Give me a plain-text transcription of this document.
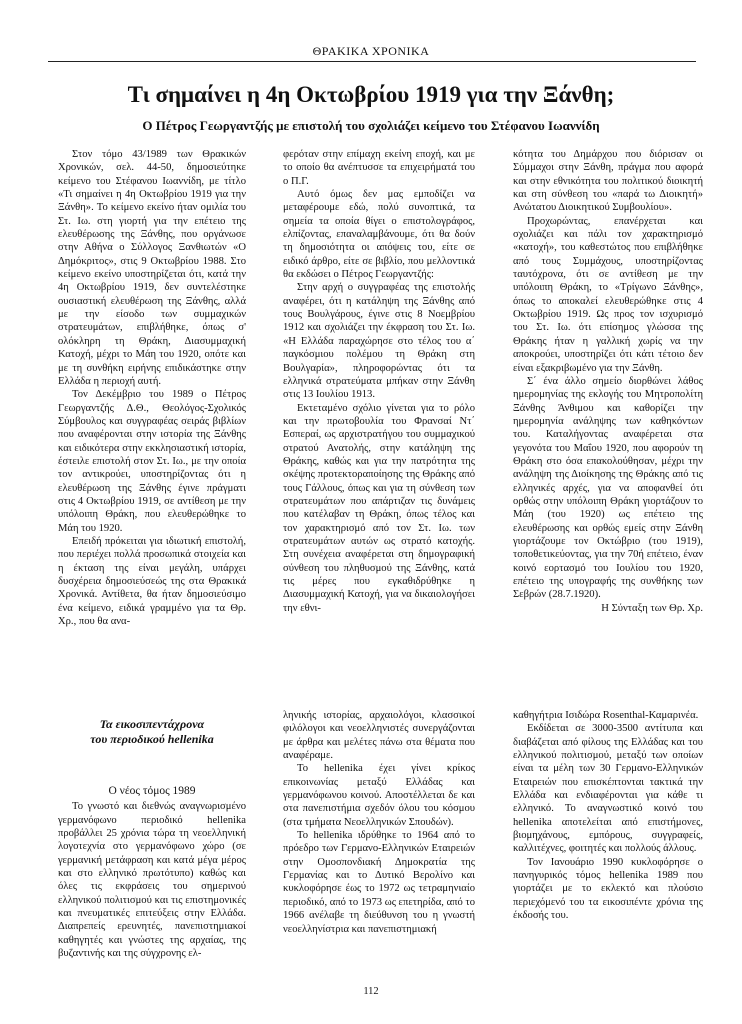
ΘΡΑΚΙΚΑ ΧΡΟΝΙΚΑ
Τι σημαίνει η 4η Οκτωβρίου 1919 για την Ξάνθη;
Ο Πέτρος Γεωργαντζής με επιστολή του σχολιάζει κείμενο του Στέφανου Ιωαννίδη

Στον τόμο 43/1989 των Θρακικών Χρονικών, σελ. 44-50, δημοσιεύτηκε κείμενο του Στέφανου Ιωαννίδη, με τίτλο «Τι σημαίνει η 4η Οκτωβρίου 1919 για την Ξάνθη». Το κείμενο εκείνο ήταν ομιλία του Στ. Ιω. στη γιορτή για την επέτειο της ελευθέρωσης της Ξάνθης, που οργάνωσε στην Αθήνα ο Σύλλογος Ξανθιωτών «Ο Δημόκριτος», στις 9 Οκτωβρίου 1988. Στο κείμενο εκείνο υποστηρίζεται ότι, κατά την 4η Οκτωβρίου 1919, δεν συντελέστηκε ουσιαστική ελευθέρωση της Ξάνθης, αλλά με την είσοδο των συμμαχικών στρατευμάτων, επιβλήθηκε, όπως σ' ολόκληρη τη Θράκη, Διασυμμαχική Κατοχή, μέχρι το Μάη του 1920, οπότε και με τη συνθήκη ειρήνης επιδικάστηκε στην Ελλάδα η περιοχή αυτή.

Τον Δεκέμβριο του 1989 ο Πέτρος Γεωργαντζής Δ.Θ., Θεολόγος-Σχολικός Σύμβουλος και συγγραφέας σειράς βιβλίων που αναφέρονται στην ιστορία της Ξάνθης και ειδικότερα στην εκκλησιαστική ιστορία, έστειλε επιστολή στον Στ. Ιω., με την οποία τον αντικρούει, υποστηρίζοντας ότι η ελευθέρωση της Ξάνθης έγινε πράγματι στις 4 Οκτωβρίου 1919, σε αντίθεση με την υπόλοιπη Θράκη, που ελευθερώθηκε το Μάη του 1920.

Επειδή πρόκειται για ιδιωτική επιστολή, που περιέχει πολλά προσωπικά στοιχεία και η έκταση της είναι μεγάλη, υπάρχει δυσχέρεια δημοσιεύσεώς της στα Θρακικά Χρονικά. Αντίθετα, θα ήταν δημοσιεύσιμο ένα κείμενο, ειδικά γραμμένο για τα Θρ. Χρ., που θα ανα-

φερόταν στην επίμαχη εκείνη εποχή, και με το οποίο θα ανέπτυσσε τα επιχειρήματά του ο Π.Γ.

Αυτό όμως δεν μας εμποδίζει να μεταφέρουμε εδώ, πολύ συνοπτικά, τα σημεία τα οποία θίγει ο επιστολογράφος, ελπίζοντας, επαναλαμβάνουμε, ότι θα δούν τη δημοσιότητα οι απόψεις του, είτε σε ειδικό άρθρο, είτε σε βιβλίο, που μελλοντικά θα εκδώσει ο Πέτρος Γεωργαντζής:

Στην αρχή ο συγγραφέας της επιστολής αναφέρει, ότι η κατάληψη της Ξάνθης από τους Βουλγάρους, έγινε στις 8 Νοεμβρίου 1912 και σχολιάζει την έκφραση του Στ. Ιω. «Η Ελλάδα παραχώρησε στο τέλος του α΄ παγκόσμιου πολέμου τη Θράκη στη Βουλγαρία», πληροφορώντας ότι τα ελληνικά στρατεύματα μπήκαν στην Ξάνθη στις 13 Ιουλίου 1913.

Εκτεταμένο σχόλιο γίνεται για το ρόλο και την πρωτοβουλία του Φρανσαί Ντ΄ Εσπεραί, ως αρχιστρατήγου του συμμαχικού στρατού Ανατολής, στην κατάληψη της Θράκης, καθώς και για την πατρότητα της σκέψης προτεκτοραποίησης της Θράκης από τους Γάλλους, όπως και για τη σύνθεση των στρατευμάτων που απάρτιζαν τις δυνάμεις που κατέλαβαν τη Θράκη, όπως τέλος και τον χαρακτηρισμό από τον Στ. Ιω. των στρατευμάτων αυτών ως στρατό κατοχής. Στη συνέχεια αναφέρεται στη δημογραφική σύνθεση του πληθυσμού της Ξάνθης, κατά τις μέρες που εγκαθιδρύθηκε η Διασυμμαχική Κατοχή, για να δικαιολογήσει την εθνι-

κότητα του Δημάρχου που διόρισαν οι Σύμμαχοι στην Ξάνθη, πράγμα που αφορά και στην εθνικότητα του πολιτικού διοικητή και στη σύνθεση του «παρά τω Διοικητή» Ανώτατου Διοικητικού Συμβουλίου».

Προχωρώντας, επανέρχεται και σχολιάζει και πάλι τον χαρακτηρισμό «κατοχή», του καθεστώτος που επιβλήθηκε από τους Συμμάχους, υποστηρίζοντας ταυτόχρονα, ότι σε αντίθεση με την υπόλοιπη Θράκη, το «Τρίγωνο Ξάνθης», όπως το αποκαλεί ελευθερώθηκε στις 4 Οκτωβρίου 1919. Ως προς τον ισχυρισμό του Στ. Ιω. ότι επίσημος γλώσσα της Θράκης ήταν η γαλλική χωρίς να την αποκρούει, υποστηρίζει ότι κάτι τέτοιο δεν είναι εξακριβωμένο για την Ξάνθη.

Σ΄ ένα άλλο σημείο διορθώνει λάθος ημερομηνίας της εκλογής του Μητροπολίτη Ξάνθης Άνθιμου και καθορίζει την ημερομηνία ανάληψης των καθηκόντων του. Καταλήγοντας αναφέρεται στα γεγονότα του Μαΐου 1920, που αφορούν τη Θράκη στο όσα επακολούθησαν, μέχρι την ανάληψη της Διοίκησης της Θράκης από τις ελληνικές αρχές, για να αποφανθεί ότι ορθώς στην υπόλοιπη Θράκη γιορτάζουν το Μάη (του 1920) ως επέτειο της ελευθέρωσης και ορθώς εμείς στην Ξάνθη γιορτάζουμε τον Οκτώβριο (του 1919), τοποθετικεύοντας, για την 70ή επέτειο, έναν κοινό εορτασμό του Ιουλίου του 1920, επέτειο της υπογραφής της συνθήκης των Σεβρών (28.7.1920).

Η Σύνταξη των Θρ. Χρ.

Τα εικοσιπεντάχρονα
του περιοδικού hellenika
Ο νέος τόμος 1989

Το γνωστό και διεθνώς αναγνωρισμένο γερμανόφωνο περιοδικό hellenika προβάλλει 25 χρόνια τώρα τη νεοελληνική λογοτεχνία στο γερμανόφωνο χώρο (σε γερμανική μετάφραση και κατά μέγα μέρος και στο ελληνικό πρωτότυπο) καθώς και όλες τις εκφράσεις του σημερινού ελληνικού πολιτισμού και τις επιστημονικές και πνευματικές επιτεύξεις στην Ελλάδα. Διαπρεπείς ερευνητές, πανεπιστημιακοί καθηγητές και γνώστες της αρχαίας, της βυζαντινής και της σύγχρονης ελ-

ληνικής ιστορίας, αρχαιολόγοι, κλασσικοί φιλόλογοι και νεοελληνιστές συνεργάζονται με άρθρα και μελέτες πάνω στα θέματα που αναφέραμε.

Το hellenika έχει γίνει κρίκος επικοινωνίας μεταξύ Ελλάδας και γερμανόφωνου κοινού. Αποστέλλεται δε και στα πανεπιστήμια σχεδόν όλου του κόσμου (στα τμήματα Νεοελληνικών Σπουδών).

To hellenika ιδρύθηκε το 1964 από το πρόεδρο των Γερμανο-Ελληνικών Εταιρειών στην Ομοσπονδιακή Δημοκρατία της Γερμανίας και το Δυτικό Βερολίνο και κυκλοφόρησε έως το 1972 ως τετραμηνιαίο περιοδικό, από το 1973 ως επετηρίδα, από το 1966 ανέλαβε τη διεύθυνση του η γνωστή νεοελληνίστρια και πανεπιστημιακή

καθηγήτρια Ισιδώρα Rosenthal-Καμαρινέα.

Εκδίδεται σε 3000-3500 αντίτυπα και διαβάζεται από φίλους της Ελλάδας και του ελληνικού πολιτισμού, μεταξύ των οποίων είναι τα μέλη των 30 Γερμανο-Ελληνικών Εταιρειών που επισκέπτονται τακτικά την Ελλάδα και ενδιαφέρονται για κάθε τι ελληνικό. Το αναγνωστικό κοινό του hellenika αποτελείται από επιστήμονες, βιομηχάνους, εμπόρους, συγγραφείς, καλλιτέχνες, φοιτητές και πολλούς άλλους.

Τον Ιανουάριο 1990 κυκλοφόρησε ο πανηγυρικός τόμος hellenika 1989 που γιορτάζει με το εκλεκτό και πλούσιο περιεχόμενό του τα εικοσιπέντε χρόνια της έκδοσής του.

112
